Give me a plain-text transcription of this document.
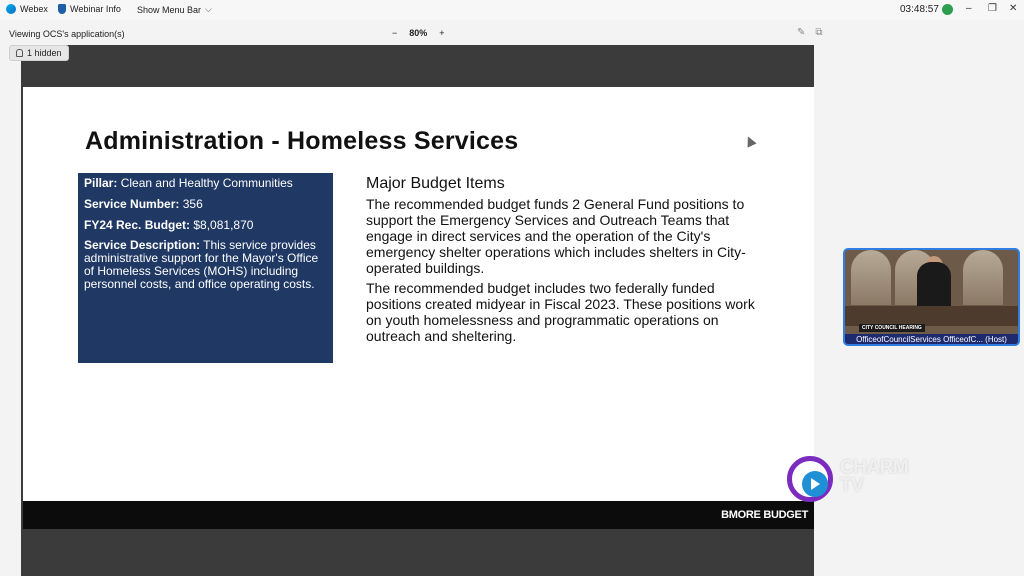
Webex Webinar Info Show Menu Bar ⌵	03:48:57	– ❐ ✕
Viewing OCS's application(s)	− 80% +	✎ ⧉
1 hidden
Administration - Homeless Services

Pillar: Clean and Healthy Communities

Service Number: 356

FY24 Rec. Budget: $8,081,870

Service Description: This service provides administrative support for the Mayor's Office of Homeless Services (MOHS) including personnel costs, and office operating costs.

Major Budget Items

The recommended budget funds 2 General Fund positions to support the Emergency Services and Outreach Teams that engage in direct services and the operation of the City's emergency shelter operations which includes shelters in City-operated buildings.

The recommended budget includes two federally funded positions created midyear in Fiscal 2023. These positions work on youth homelessness and programmatic operations on outreach and sheltering.

BMORE BUDGET
CITY COUNCIL HEARING
OfficeofCouncilServices OfficeofC... (Host)
CHARM
TV
